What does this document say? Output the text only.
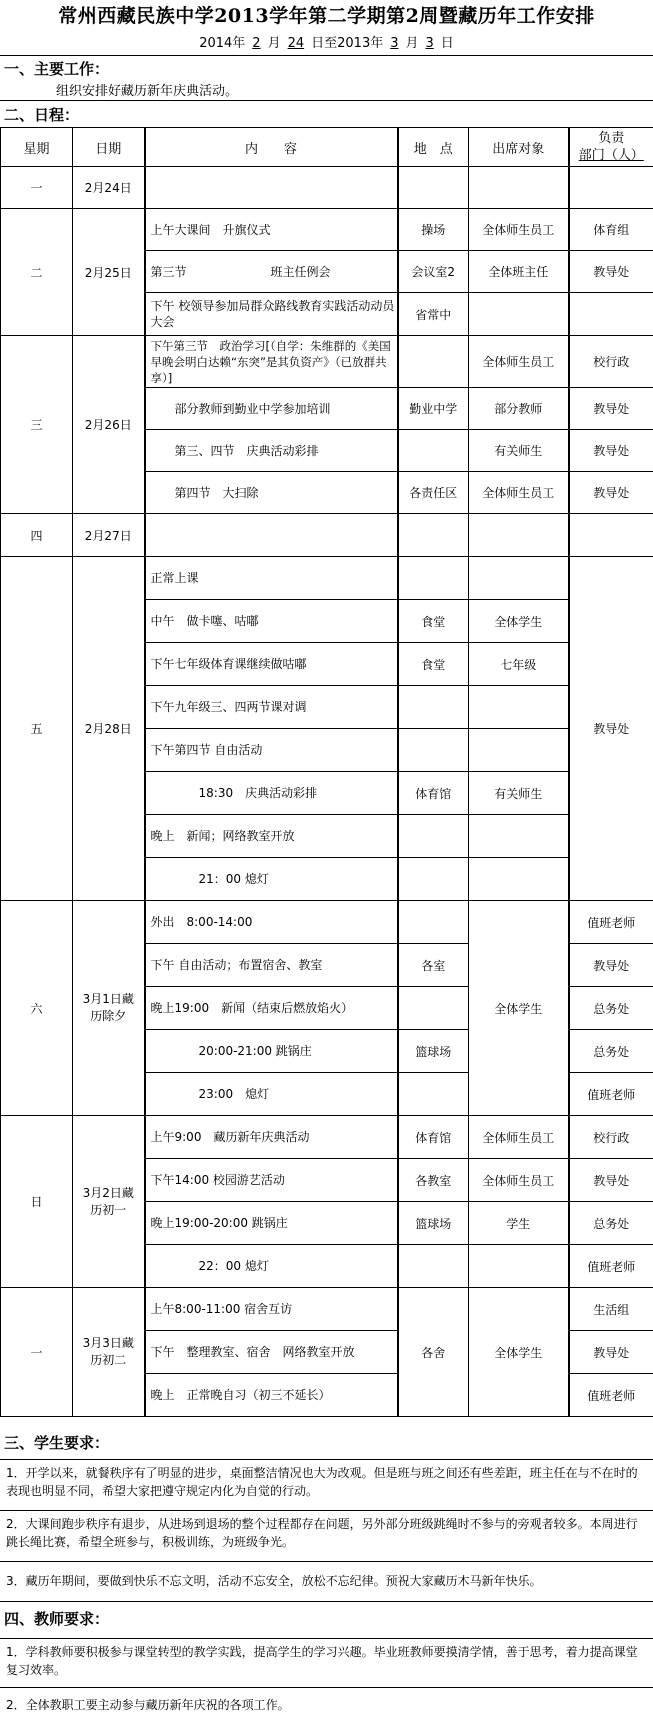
常州西藏民族中学2013学年第二学期第2周暨藏历年工作安排
2014年 2 月 24 日至2013年 3 月 3 日
一、主要工作：
组织安排好藏历新年庆典活动。
二、日程：
星期	日期	内　　容	地　点	出席对象	负责
部门（人）

一	2月24日				
二	2月25日	上午大课间　升旗仪式	操场	全体师生员工	体育组
		第三节　　　　　　　班主任例会	会议室2	全体班主任	教导处
		下午 校领导参加局群众路线教育实践活动动员大会	省常中		
三	2月26日	下午第三节　政治学习[（自学：朱维群的《美国早晚会明白达赖“东突”是其负资产》（已放群共享）]		全体师生员工	校行政
		　　部分教师到勤业中学参加培训	勤业中学	部分教师	教导处
		　　第三、四节　庆典活动彩排		有关师生	教导处
		　　第四节　大扫除	各责任区	全体师生员工	教导处
四	2月27日				
五	2月28日	正常上课			教导处
		中午　做卡噻、咕嘟	食堂	全体学生	
		下午七年级体育课继续做咕嘟	食堂	七年级	
		下午九年级三、四两节课对调			
		下午第四节 自由活动			
		　　　　18:30　庆典活动彩排	体育馆	有关师生	
		晚上　新闻；网络教室开放			
		　　　　21：00 熄灯			
六	3月1日藏历除夕	外出　8:00-14:00		全体学生	值班老师
		下午 自由活动；布置宿舍、教室	各室		教导处
		晚上19:00　新闻（结束后燃放焰火）			总务处
		　　　　20:00-21:00 跳锅庄	篮球场		总务处
		　　　　23:00　熄灯			值班老师
日	3月2日藏历初一	上午9:00　藏历新年庆典活动	体育馆	全体师生员工	校行政
		下午14:00 校园游艺活动	各教室	全体师生员工	教导处
		晚上19:00-20:00 跳锅庄	篮球场	学生	总务处
		　　　　22：00 熄灯			值班老师
一	3月3日藏历初二	上午8:00-11:00 宿舍互访	各舍	全体学生	生活组
		下午　整理教室、宿舍　网络教室开放			教导处
		晚上　正常晚自习（初三不延长）			值班老师
三、学生要求：
1．开学以来，就餐秩序有了明显的进步，桌面整洁情况也大为改观。但是班与班之间还有些差距，班主任在与不在时的表现也明显不同，希望大家把遵守规定内化为自觉的行动。
2．大课间跑步秩序有退步，从进场到退场的整个过程都存在问题，另外部分班级跳绳时不参与的旁观者较多。本周进行跳长绳比赛，希望全班参与，积极训练，为班级争光。
3．藏历年期间，要做到快乐不忘文明，活动不忘安全，放松不忘纪律。预祝大家藏历木马新年快乐。
四、教师要求：
1．学科教师要积极参与课堂转型的教学实践，提高学生的学习兴趣。毕业班教师要摸清学情，善于思考，着力提高课堂复习效率。
2．全体教职工要主动参与藏历新年庆祝的各项工作。
